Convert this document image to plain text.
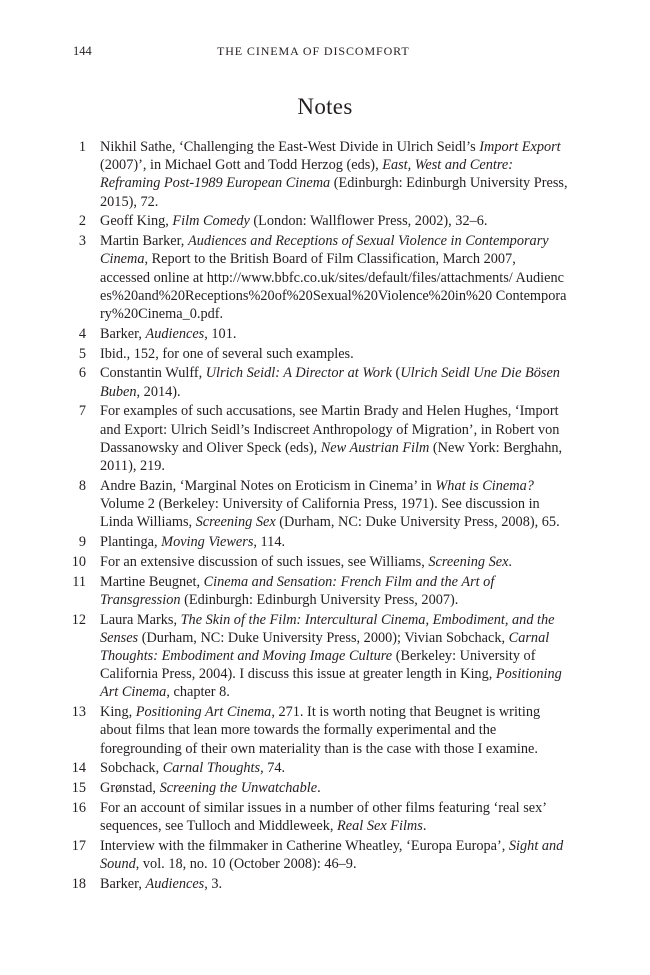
144	THE CINEMA OF DISCOMFORT
Notes
1 Nikhil Sathe, ‘Challenging the East-West Divide in Ulrich Seidl’s Import Export (2007)’, in Michael Gott and Todd Herzog (eds), East, West and Centre: Reframing Post-1989 European Cinema (Edinburgh: Edinburgh University Press, 2015), 72.
2 Geoff King, Film Comedy (London: Wallflower Press, 2002), 32–6.
3 Martin Barker, Audiences and Receptions of Sexual Violence in Contemporary Cinema, Report to the British Board of Film Classification, March 2007, accessed online at http://www.bbfc.co.uk/sites/default/files/attachments/ Audiences%20and%20Receptions%20of%20Sexual%20Violence%20in%20 Contemporary%20Cinema_0.pdf.
4 Barker, Audiences, 101.
5 Ibid., 152, for one of several such examples.
6 Constantin Wulff, Ulrich Seidl: A Director at Work (Ulrich Seidl Une Die Bösen Buben, 2014).
7 For examples of such accusations, see Martin Brady and Helen Hughes, ‘Import and Export: Ulrich Seidl’s Indiscreet Anthropology of Migration’, in Robert von Dassanowsky and Oliver Speck (eds), New Austrian Film (New York: Berghahn, 2011), 219.
8 Andre Bazin, ‘Marginal Notes on Eroticism in Cinema’ in What is Cinema? Volume 2 (Berkeley: University of California Press, 1971). See discussion in Linda Williams, Screening Sex (Durham, NC: Duke University Press, 2008), 65.
9 Plantinga, Moving Viewers, 114.
10 For an extensive discussion of such issues, see Williams, Screening Sex.
11 Martine Beugnet, Cinema and Sensation: French Film and the Art of Transgression (Edinburgh: Edinburgh University Press, 2007).
12 Laura Marks, The Skin of the Film: Intercultural Cinema, Embodiment, and the Senses (Durham, NC: Duke University Press, 2000); Vivian Sobchack, Carnal Thoughts: Embodiment and Moving Image Culture (Berkeley: University of California Press, 2004). I discuss this issue at greater length in King, Positioning Art Cinema, chapter 8.
13 King, Positioning Art Cinema, 271. It is worth noting that Beugnet is writing about films that lean more towards the formally experimental and the foregrounding of their own materiality than is the case with those I examine.
14 Sobchack, Carnal Thoughts, 74.
15 Grønstad, Screening the Unwatchable.
16 For an account of similar issues in a number of other films featuring ‘real sex’ sequences, see Tulloch and Middleweek, Real Sex Films.
17 Interview with the filmmaker in Catherine Wheatley, ‘Europa Europa’, Sight and Sound, vol. 18, no. 10 (October 2008): 46–9.
18 Barker, Audiences, 3.
